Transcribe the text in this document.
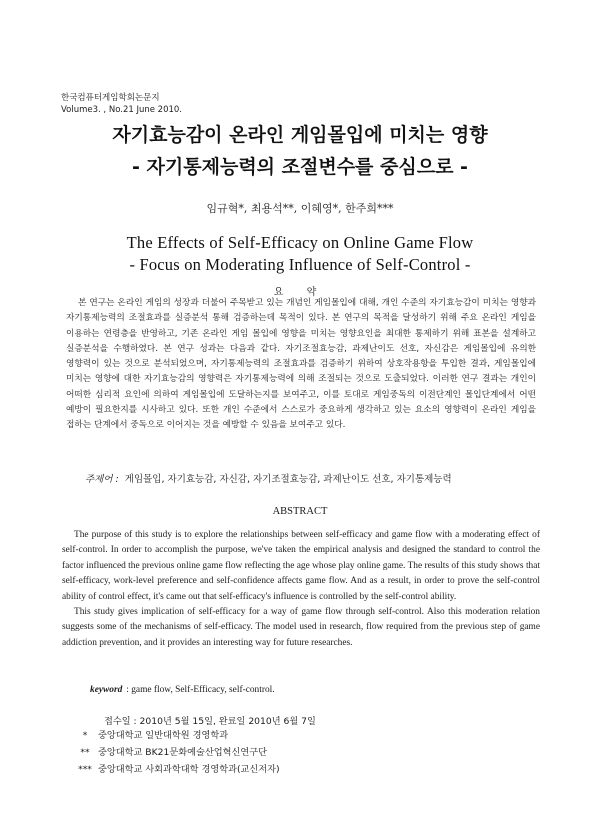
한국컴퓨터게임학회논문지
Volume3. , No.21 June 2010.
자기효능감이 온라인 게임몰입에 미치는 영향
- 자기통제능력의 조절변수를 중심으로 -
임규혁*, 최용석**, 이혜영*, 한주희***
The Effects of Self-Efficacy on Online Game Flow
- Focus on Moderating Influence of Self-Control -
요 약
본 연구는 온라인 게임의 성장과 더불어 주목받고 있는 개념인 게임몰입에 대해, 개인 수준의 자기효능감이 미치는 영향과 자기통제능력의 조절효과를 실증분석 통해 검증하는데 목적이 있다. 본 연구의 목적을 달성하기 위해 주요 온라인 게임을 이용하는 연령층을 반영하고, 기존 온라인 게임 몰입에 영향을 미치는 영향요인을 최대한 통제하기 위해 표본을 설계하고 실증분석을 수행하였다. 본 연구 성과는 다음과 같다. 자기조절효능감, 과제난이도 선호, 자신감은 게임몰입에 유의한 영향력이 있는 것으로 분석되었으며, 자기통제능력의 조절효과를 검증하기 위하여 상호작용항을 투입한 결과, 게임몰입에 미치는 영향에 대한 자기효능감의 영향력은 자기통제능력에 의해 조절되는 것으로 도출되었다. 이러한 연구 결과는 개인이 어떠한 심리적 요인에 의하여 게임몰입에 도달하는지를 보여주고, 이를 토대로 게임중독의 이전단계인 몰입단계에서 어떤 예방이 필요한지를 시사하고 있다. 또한 개인 수준에서 스스로가 중요하게 생각하고 있는 요소의 영향력이 온라인 게임을 접하는 단계에서 중독으로 이어지는 것을 예방할 수 있음을 보여주고 있다.
주제어 : 게임몰입, 자기효능감, 자신감, 자기조절효능감, 과제난이도 선호, 자기통제능력
ABSTRACT

The purpose of this study is to explore the relationships between self-efficacy and game flow with a moderating effect of self-control. In order to accomplish the purpose, we've taken the empirical analysis and designed the standard to control the factor influenced the previous online game flow reflecting the age whose play online game. The results of this study shows that self-efficacy, work-level preference and self-confidence affects game flow. And as a result, in order to prove the self-control ability of control effect, it's came out that self-efficacy's influence is controlled by the self-control ability.

This study gives implication of self-efficacy for a way of game flow through self-control. Also this moderation relation suggests some of the mechanisms of self-efficacy. The model used in research, flow required from the previous step of game addiction prevention, and it provides an interesting way for future researches.

keyword : game flow, Self-Efficacy, self-control.
접수일 : 2010년 5월 15일, 완료일 2010년 6월 7일
* 중앙대학교 일반대학원 경영학과
** 중앙대학교 BK21문화예술산업혁신연구단
*** 중앙대학교 사회과학대학 경영학과(교신저자)
